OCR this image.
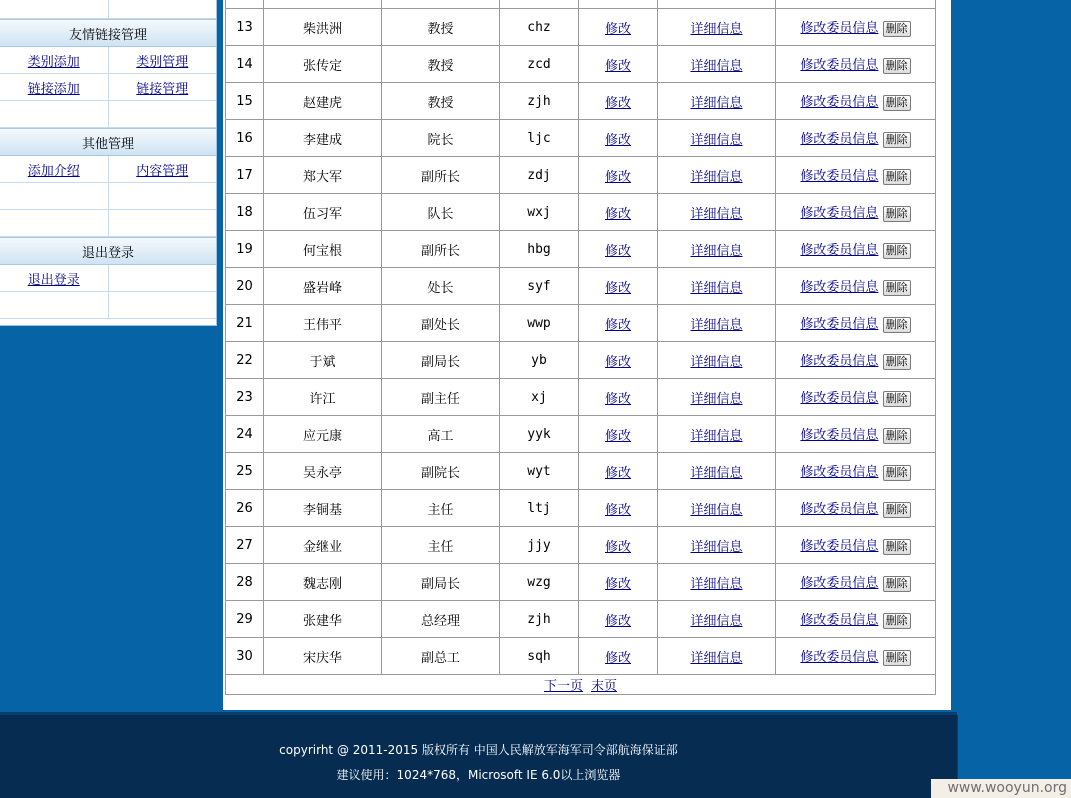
友情链接管理
类别添加	类别管理
链接添加	链接管理
其他管理
添加介绍	内容管理
退出登录
退出登录

13	柴洪洲	教授	chz	修改	详细信息	修改委员信息 删除
14	张传定	教授	zcd	修改	详细信息	修改委员信息 删除
15	赵建虎	教授	zjh	修改	详细信息	修改委员信息 删除
16	李建成	院长	ljc	修改	详细信息	修改委员信息 删除
17	郑大军	副所长	zdj	修改	详细信息	修改委员信息 删除
18	伍习军	队长	wxj	修改	详细信息	修改委员信息 删除
19	何宝根	副所长	hbg	修改	详细信息	修改委员信息 删除
20	盛岩峰	处长	syf	修改	详细信息	修改委员信息 删除
21	王伟平	副处长	wwp	修改	详细信息	修改委员信息 删除
22	于斌	副局长	yb	修改	详细信息	修改委员信息 删除
23	许江	副主任	xj	修改	详细信息	修改委员信息 删除
24	应元康	高工	yyk	修改	详细信息	修改委员信息 删除
25	吴永亭	副院长	wyt	修改	详细信息	修改委员信息 删除
26	李铜基	主任	ltj	修改	详细信息	修改委员信息 删除
27	金继业	主任	jjy	修改	详细信息	修改委员信息 删除
28	魏志刚	副局长	wzg	修改	详细信息	修改委员信息 删除
29	张建华	总经理	zjh	修改	详细信息	修改委员信息 删除
30	宋庆华	副总工	sqh	修改	详细信息	修改委员信息 删除
下一页 末页						
copyrirht @ 2011-2015 版权所有 中国人民解放军海军司令部航海保证部
建议使用：1024*768，Microsoft IE 6.0以上浏览器
www.wooyun.org
